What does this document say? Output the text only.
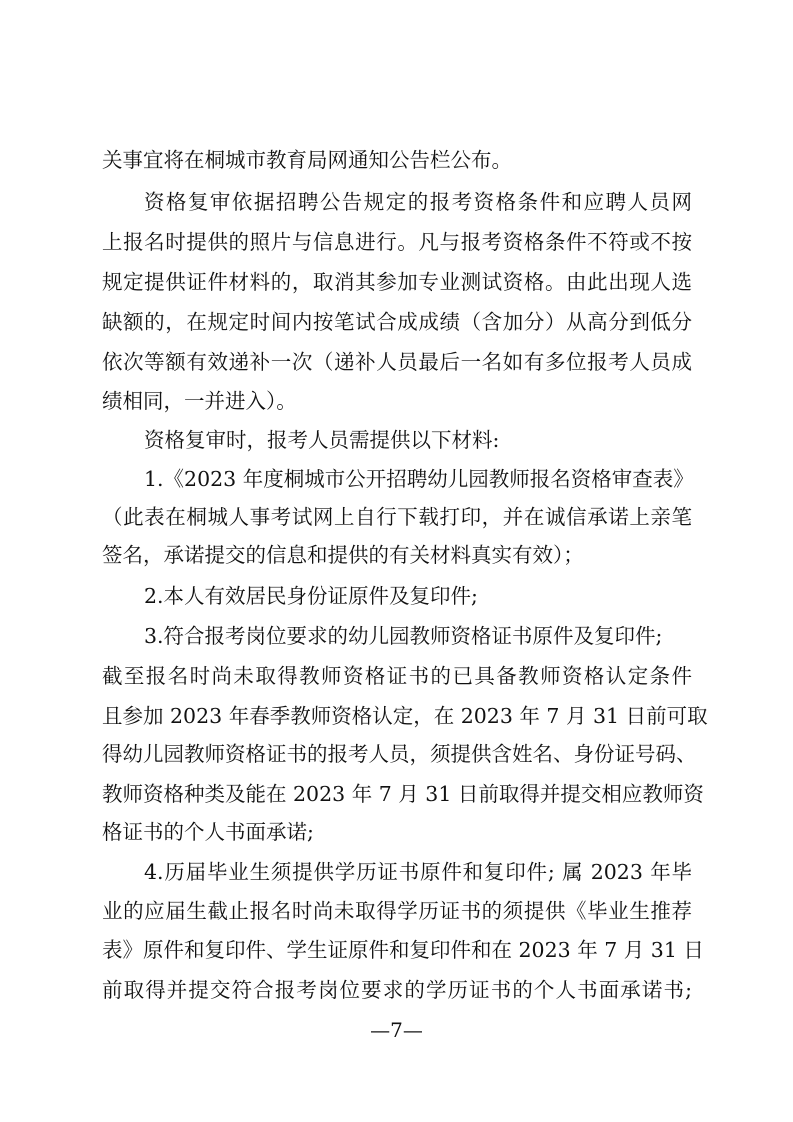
关事宜将在桐城市教育局网通知公告栏公布。
资格复审依据招聘公告规定的报考资格条件和应聘人员网
上报名时提供的照片与信息进行。凡与报考资格条件不符或不按
规定提供证件材料的，取消其参加专业测试资格。由此出现人选
缺额的，在规定时间内按笔试合成成绩（含加分）从高分到低分
依次等额有效递补一次（递补人员最后一名如有多位报考人员成
绩相同，一并进入）。
资格复审时，报考人员需提供以下材料:
1.《2023 年度桐城市公开招聘幼儿园教师报名资格审查表》
（此表在桐城人事考试网上自行下载打印，并在诚信承诺上亲笔
签名，承诺提交的信息和提供的有关材料真实有效）；
2.本人有效居民身份证原件及复印件;
3.符合报考岗位要求的幼儿园教师资格证书原件及复印件;
截至报名时尚未取得教师资格证书的已具备教师资格认定条件
且参加 2023 年春季教师资格认定，在 2023 年 7 月 31 日前可取
得幼儿园教师资格证书的报考人员，须提供含姓名、身份证号码、
教师资格种类及能在 2023 年 7 月 31 日前取得并提交相应教师资
格证书的个人书面承诺;
4.历届毕业生须提供学历证书原件和复印件; 属 2023 年毕
业的应届生截止报名时尚未取得学历证书的须提供《毕业生推荐
表》原件和复印件、学生证原件和复印件和在 2023 年 7 月 31 日
前取得并提交符合报考岗位要求的学历证书的个人书面承诺书;
—7—
